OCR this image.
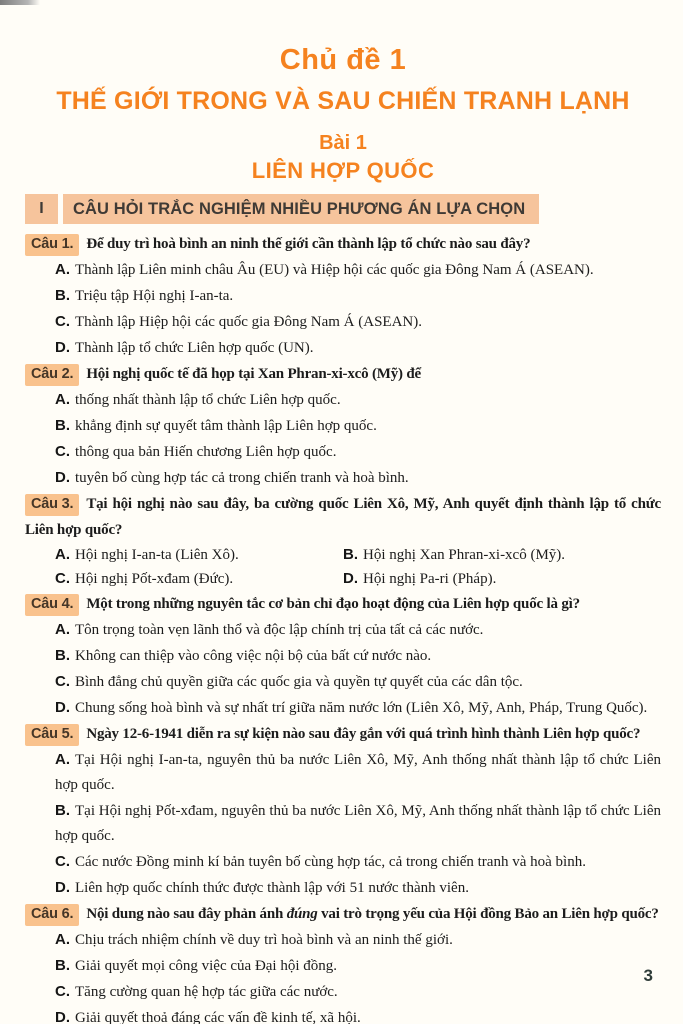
Chủ đề 1
THẾ GIỚI TRONG VÀ SAU CHIẾN TRANH LẠNH
Bài 1
LIÊN HỢP QUỐC
I	CÂU HỎI TRẮC NGHIỆM NHIỀU PHƯƠNG ÁN LỰA CHỌN
Câu 1. Để duy trì hoà bình an ninh thế giới cần thành lập tổ chức nào sau đây?
A. Thành lập Liên minh châu Âu (EU) và Hiệp hội các quốc gia Đông Nam Á (ASEAN).
B. Triệu tập Hội nghị I-an-ta.
C. Thành lập Hiệp hội các quốc gia Đông Nam Á (ASEAN).
D. Thành lập tổ chức Liên hợp quốc (UN).
Câu 2. Hội nghị quốc tế đã họp tại Xan Phran-xi-xcô (Mỹ) để
A. thống nhất thành lập tổ chức Liên hợp quốc.
B. khẳng định sự quyết tâm thành lập Liên hợp quốc.
C. thông qua bản Hiến chương Liên hợp quốc.
D. tuyên bố cùng hợp tác cả trong chiến tranh và hoà bình.
Câu 3. Tại hội nghị nào sau đây, ba cường quốc Liên Xô, Mỹ, Anh quyết định thành lập tổ chức Liên hợp quốc?
A. Hội nghị I-an-ta (Liên Xô).	B. Hội nghị Xan Phran-xi-xcô (Mỹ).
C. Hội nghị Pốt-xđam (Đức).	D. Hội nghị Pa-ri (Pháp).
Câu 4. Một trong những nguyên tắc cơ bản chỉ đạo hoạt động của Liên hợp quốc là gì?
A. Tôn trọng toàn vẹn lãnh thổ và độc lập chính trị của tất cả các nước.
B. Không can thiệp vào công việc nội bộ của bất cứ nước nào.
C. Bình đẳng chủ quyền giữa các quốc gia và quyền tự quyết của các dân tộc.
D. Chung sống hoà bình và sự nhất trí giữa năm nước lớn (Liên Xô, Mỹ, Anh, Pháp, Trung Quốc).
Câu 5. Ngày 12-6-1941 diễn ra sự kiện nào sau đây gắn với quá trình hình thành Liên hợp quốc?
A. Tại Hội nghị I-an-ta, nguyên thủ ba nước Liên Xô, Mỹ, Anh thống nhất thành lập tổ chức Liên hợp quốc.
B. Tại Hội nghị Pốt-xđam, nguyên thủ ba nước Liên Xô, Mỹ, Anh thống nhất thành lập tổ chức Liên hợp quốc.
C. Các nước Đồng minh kí bản tuyên bố cùng hợp tác, cả trong chiến tranh và hoà bình.
D. Liên hợp quốc chính thức được thành lập với 51 nước thành viên.
Câu 6. Nội dung nào sau đây phản ánh đúng vai trò trọng yếu của Hội đồng Bảo an Liên hợp quốc?
A. Chịu trách nhiệm chính về duy trì hoà bình và an ninh thế giới.
B. Giải quyết mọi công việc của Đại hội đồng.
C. Tăng cường quan hệ hợp tác giữa các nước.
D. Giải quyết thoả đáng các vấn đề kinh tế, xã hội.
3
